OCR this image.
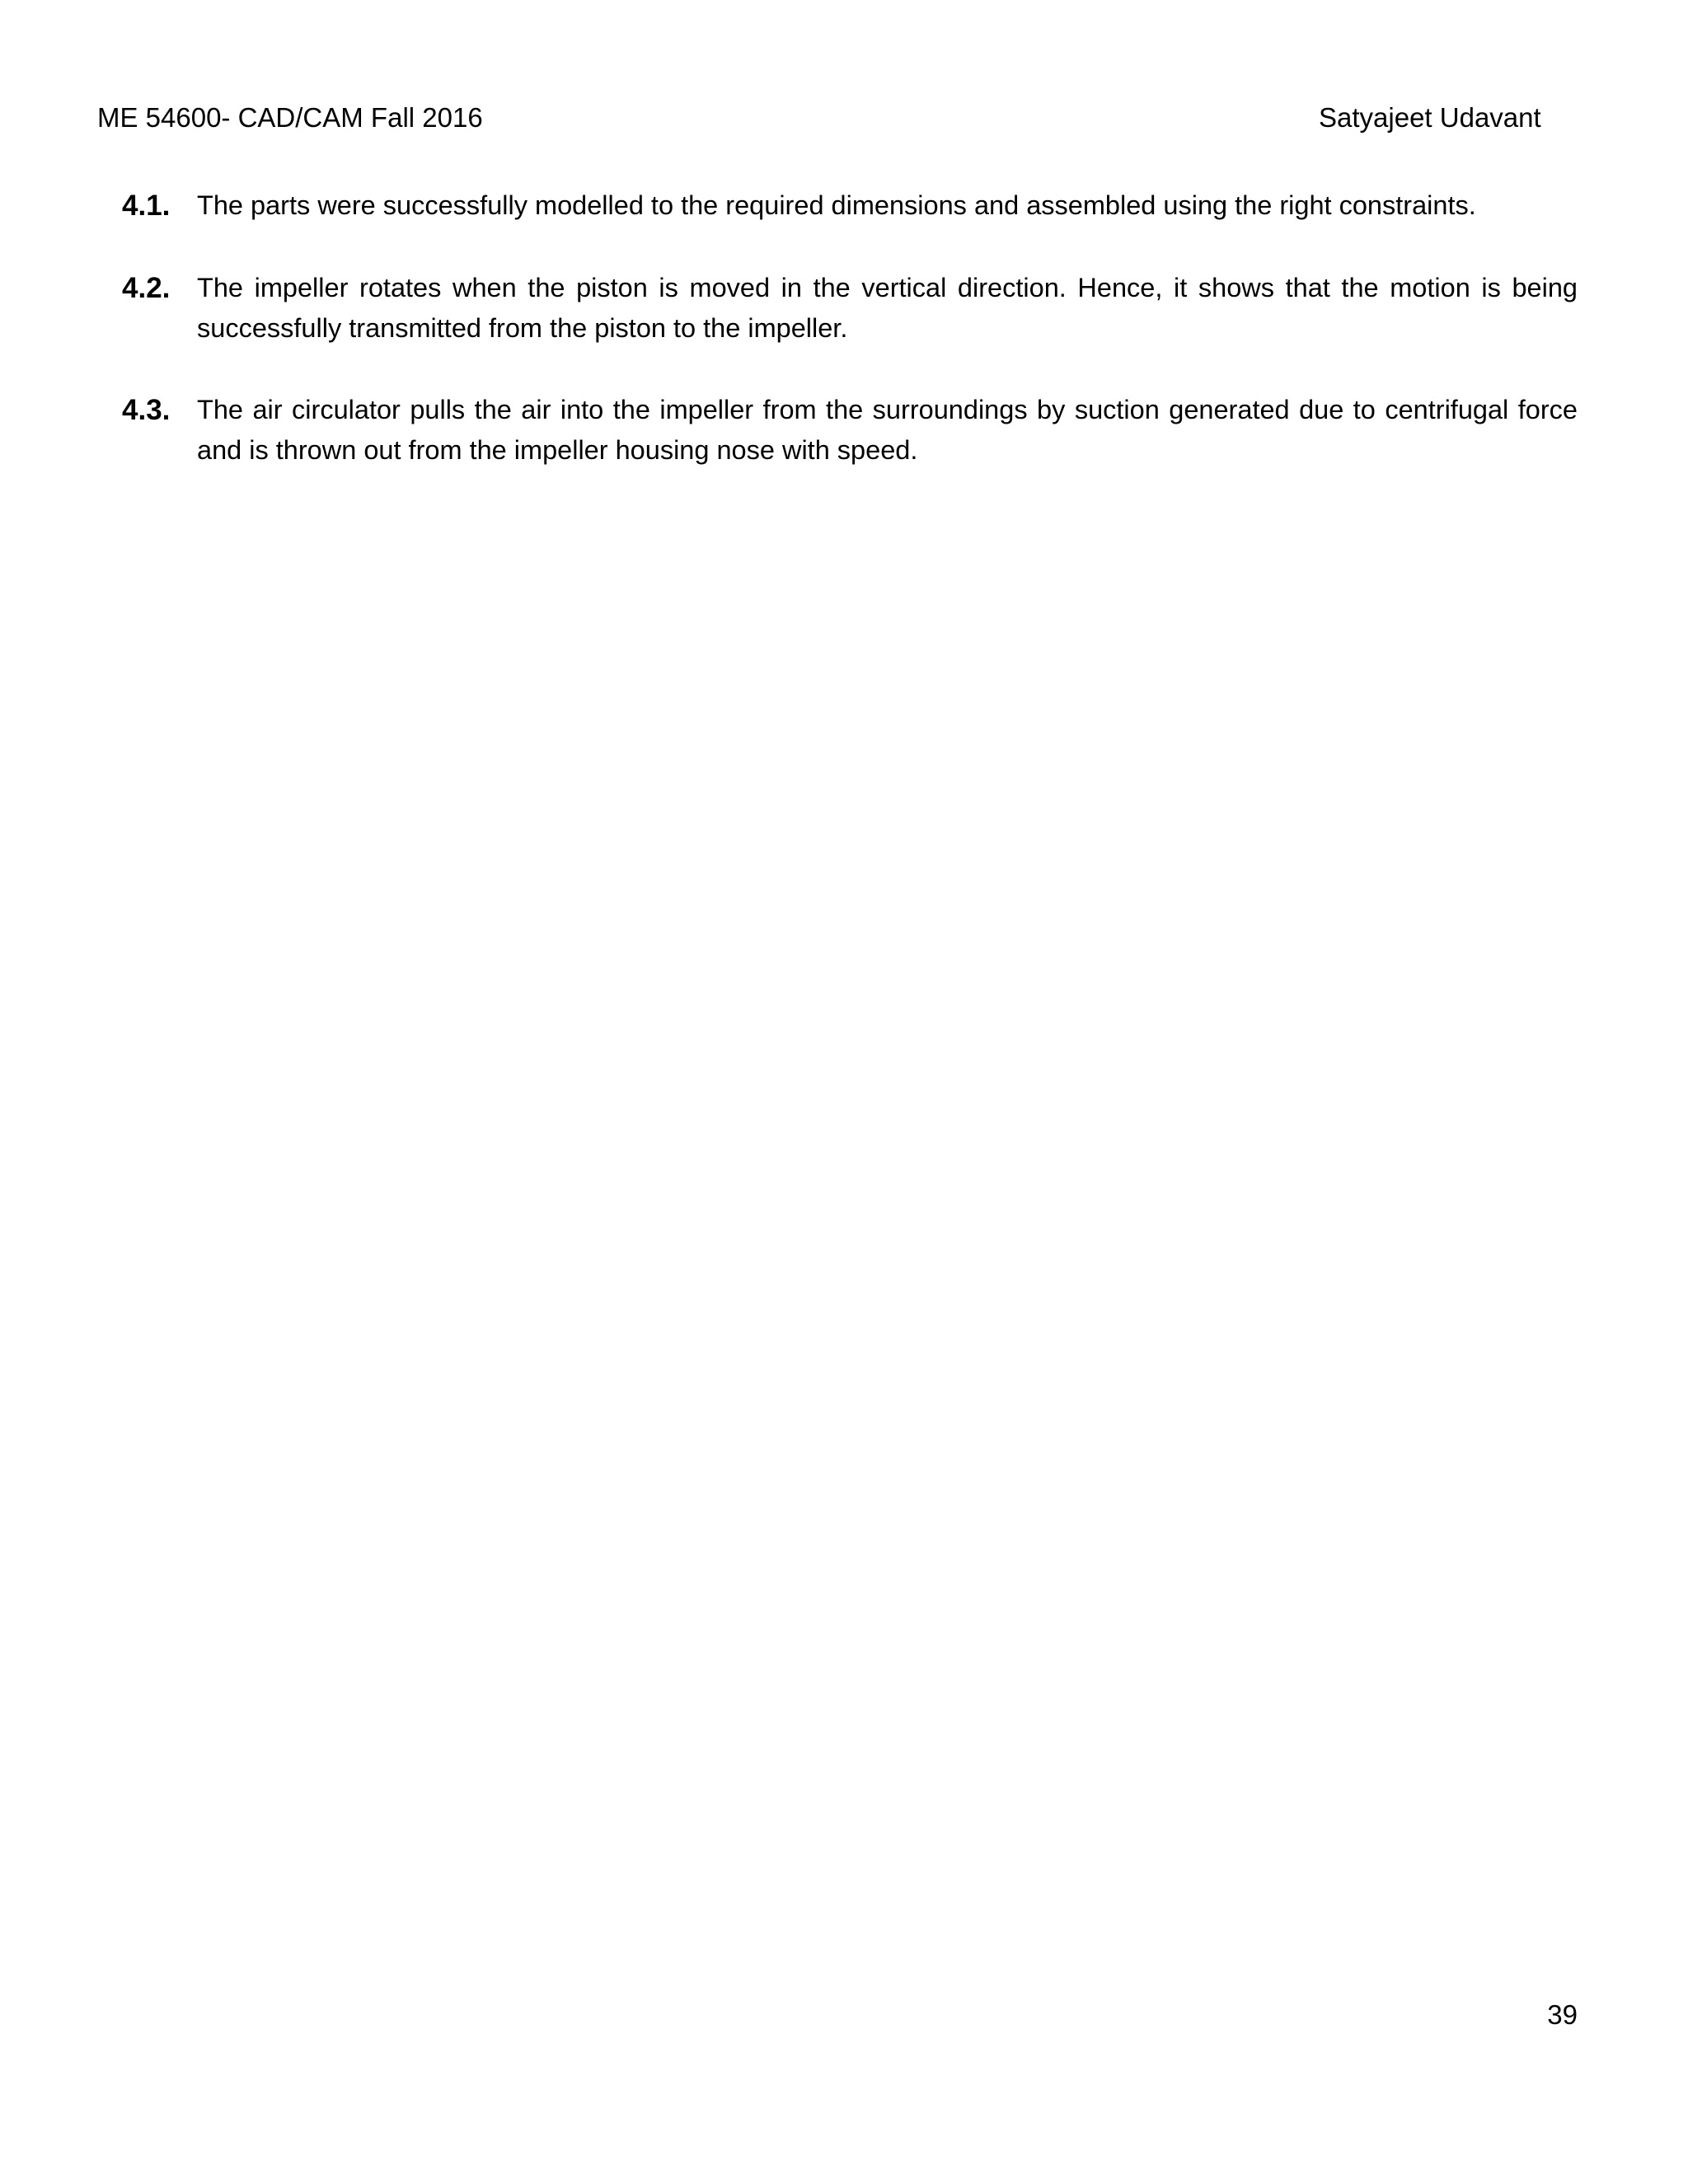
ME 54600- CAD/CAM Fall 2016	Satyajeet Udavant
4.1.	The parts were successfully modelled to the required dimensions and assembled using the right constraints.
4.2.	The impeller rotates when the piston is moved in the vertical direction. Hence, it shows that the motion is being successfully transmitted from the piston to the impeller.
4.3.	The air circulator pulls the air into the impeller from the surroundings by suction generated due to centrifugal force and is thrown out from the impeller housing nose with speed.
39
